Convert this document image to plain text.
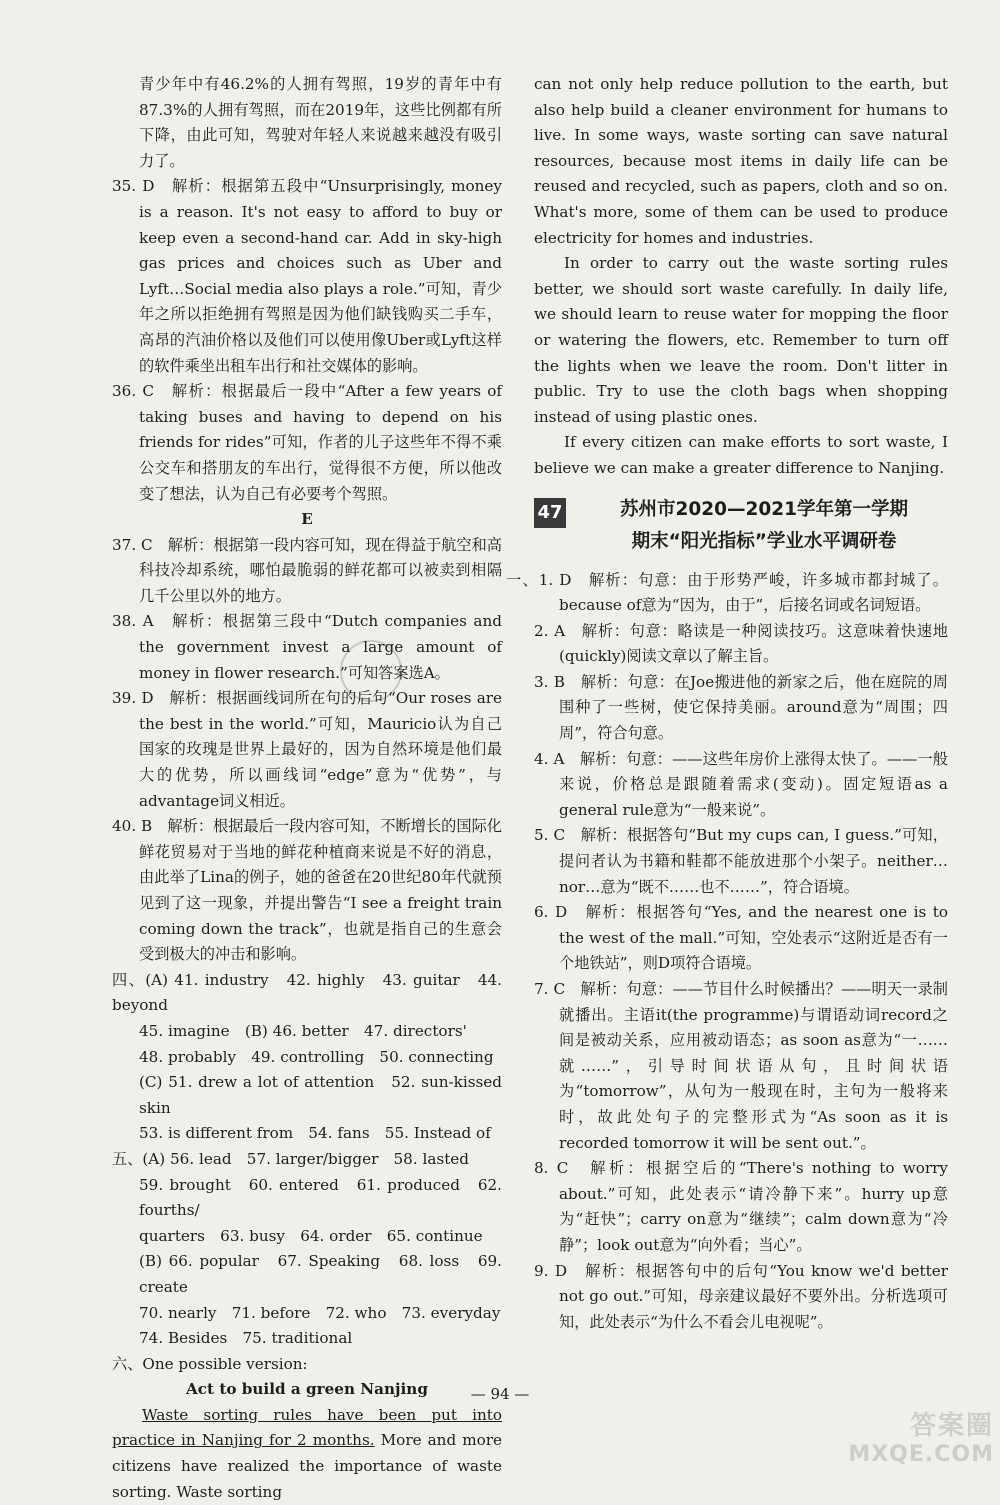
青少年中有46.2%的人拥有驾照，19岁的青年中有87.3%的人拥有驾照，而在2019年，这些比例都有所下降，由此可知，驾驶对年轻人来说越来越没有吸引力了。

35. D　解析：根据第五段中“Unsurprisingly, money is a reason. It's not easy to afford to buy or keep even a second-hand car. Add in sky-high gas prices and choices such as Uber and Lyft…Social media also plays a role.”可知，青少年之所以拒绝拥有驾照是因为他们缺钱购买二手车，高昂的汽油价格以及他们可以使用像Uber或Lyft这样的软件乘坐出租车出行和社交媒体的影响。

36. C　解析：根据最后一段中“After a few years of taking buses and having to depend on his friends for rides”可知，作者的儿子这些年不得不乘公交车和搭朋友的车出行，觉得很不方便，所以他改变了想法，认为自己有必要考个驾照。

E

37. C　解析：根据第一段内容可知，现在得益于航空和高科技冷却系统，哪怕最脆弱的鲜花都可以被卖到相隔几千公里以外的地方。

38. A　解析：根据第三段中“Dutch companies and the government invest a large amount of money in flower research.”可知答案选A。

39. D　解析：根据画线词所在句的后句“Our roses are the best in the world.”可知，Mauricio认为自己国家的玫瑰是世界上最好的，因为自然环境是他们最大的优势，所以画线词“edge”意为“优势”，与advantage词义相近。

40. B　解析：根据最后一段内容可知，不断增长的国际化鲜花贸易对于当地的鲜花种植商来说是不好的消息，由此举了Lina的例子，她的爸爸在20世纪80年代就预见到了这一现象，并提出警告“I see a freight train coming down the track”，也就是指自己的生意会受到极大的冲击和影响。

四、(A) 41. industry　42. highly　43. guitar　44. beyond

45. imagine　(B) 46. better　47. directors'

48. probably　49. controlling　50. connecting

(C) 51. drew a lot of attention　52. sun-kissed skin

53. is different from　54. fans　55. Instead of

五、(A) 56. lead　57. larger/bigger　58. lasted

59. brought　60. entered　61. produced　62. fourths/

quarters　63. busy　64. order　65. continue

(B) 66. popular　67. Speaking　68. loss　69. create

70. nearly　71. before　72. who　73. everyday

74. Besides　75. traditional

六、One possible version:

Act to build a green Nanjing

Waste sorting rules have been put into practice in Nanjing for 2 months. More and more citizens have realized the importance of waste sorting. Waste sorting

can not only help reduce pollution to the earth, but also help build a cleaner environment for humans to live. In some ways, waste sorting can save natural resources, because most items in daily life can be reused and recycled, such as papers, cloth and so on. What's more, some of them can be used to produce electricity for homes and industries.

In order to carry out the waste sorting rules better, we should sort waste carefully. In daily life, we should learn to reuse water for mopping the floor or watering the flowers, etc. Remember to turn off the lights when we leave the room. Don't litter in public. Try to use the cloth bags when shopping instead of using plastic ones.

If every citizen can make efforts to sort waste, I believe we can make a greater difference to Nanjing.

47	苏州市2020—2021学年第一学期
期末“阳光指标”学业水平调研卷

一、1. D　解析：句意：由于形势严峻，许多城市都封城了。because of意为“因为，由于”，后接名词或名词短语。

2. A　解析：句意：略读是一种阅读技巧。这意味着快速地(quickly)阅读文章以了解主旨。

3. B　解析：句意：在Joe搬进他的新家之后，他在庭院的周围种了一些树，使它保持美丽。around意为“周围；四周”，符合句意。

4. A　解析：句意：——这些年房价上涨得太快了。——一般来说，价格总是跟随着需求(变动)。固定短语as a general rule意为“一般来说”。

5. C　解析：根据答句“But my cups can, I guess.”可知，提问者认为书籍和鞋都不能放进那个小架子。neither…nor…意为“既不……也不……”，符合语境。

6. D　解析：根据答句“Yes, and the nearest one is to the west of the mall.”可知，空处表示“这附近是否有一个地铁站”，则D项符合语境。

7. C　解析：句意：——节目什么时候播出？——明天一录制就播出。主语it(the programme)与谓语动词record之间是被动关系，应用被动语态；as soon as意为“一……就……”，引导时间状语从句，且时间状语为“tomorrow”，从句为一般现在时，主句为一般将来时，故此处句子的完整形式为“As soon as it is recorded tomorrow it will be sent out.”。

8. C　解析：根据空后的“There's nothing to worry about.”可知，此处表示“请冷静下来”。hurry up意为“赶快”；carry on意为“继续”；calm down意为“冷静”；look out意为“向外看；当心”。

9. D　解析：根据答句中的后句“You know we'd better not go out.”可知，母亲建议最好不要外出。分析选项可知，此处表示“为什么不看会儿电视呢”。

— 94 —
答案圈
MXQE.COM
